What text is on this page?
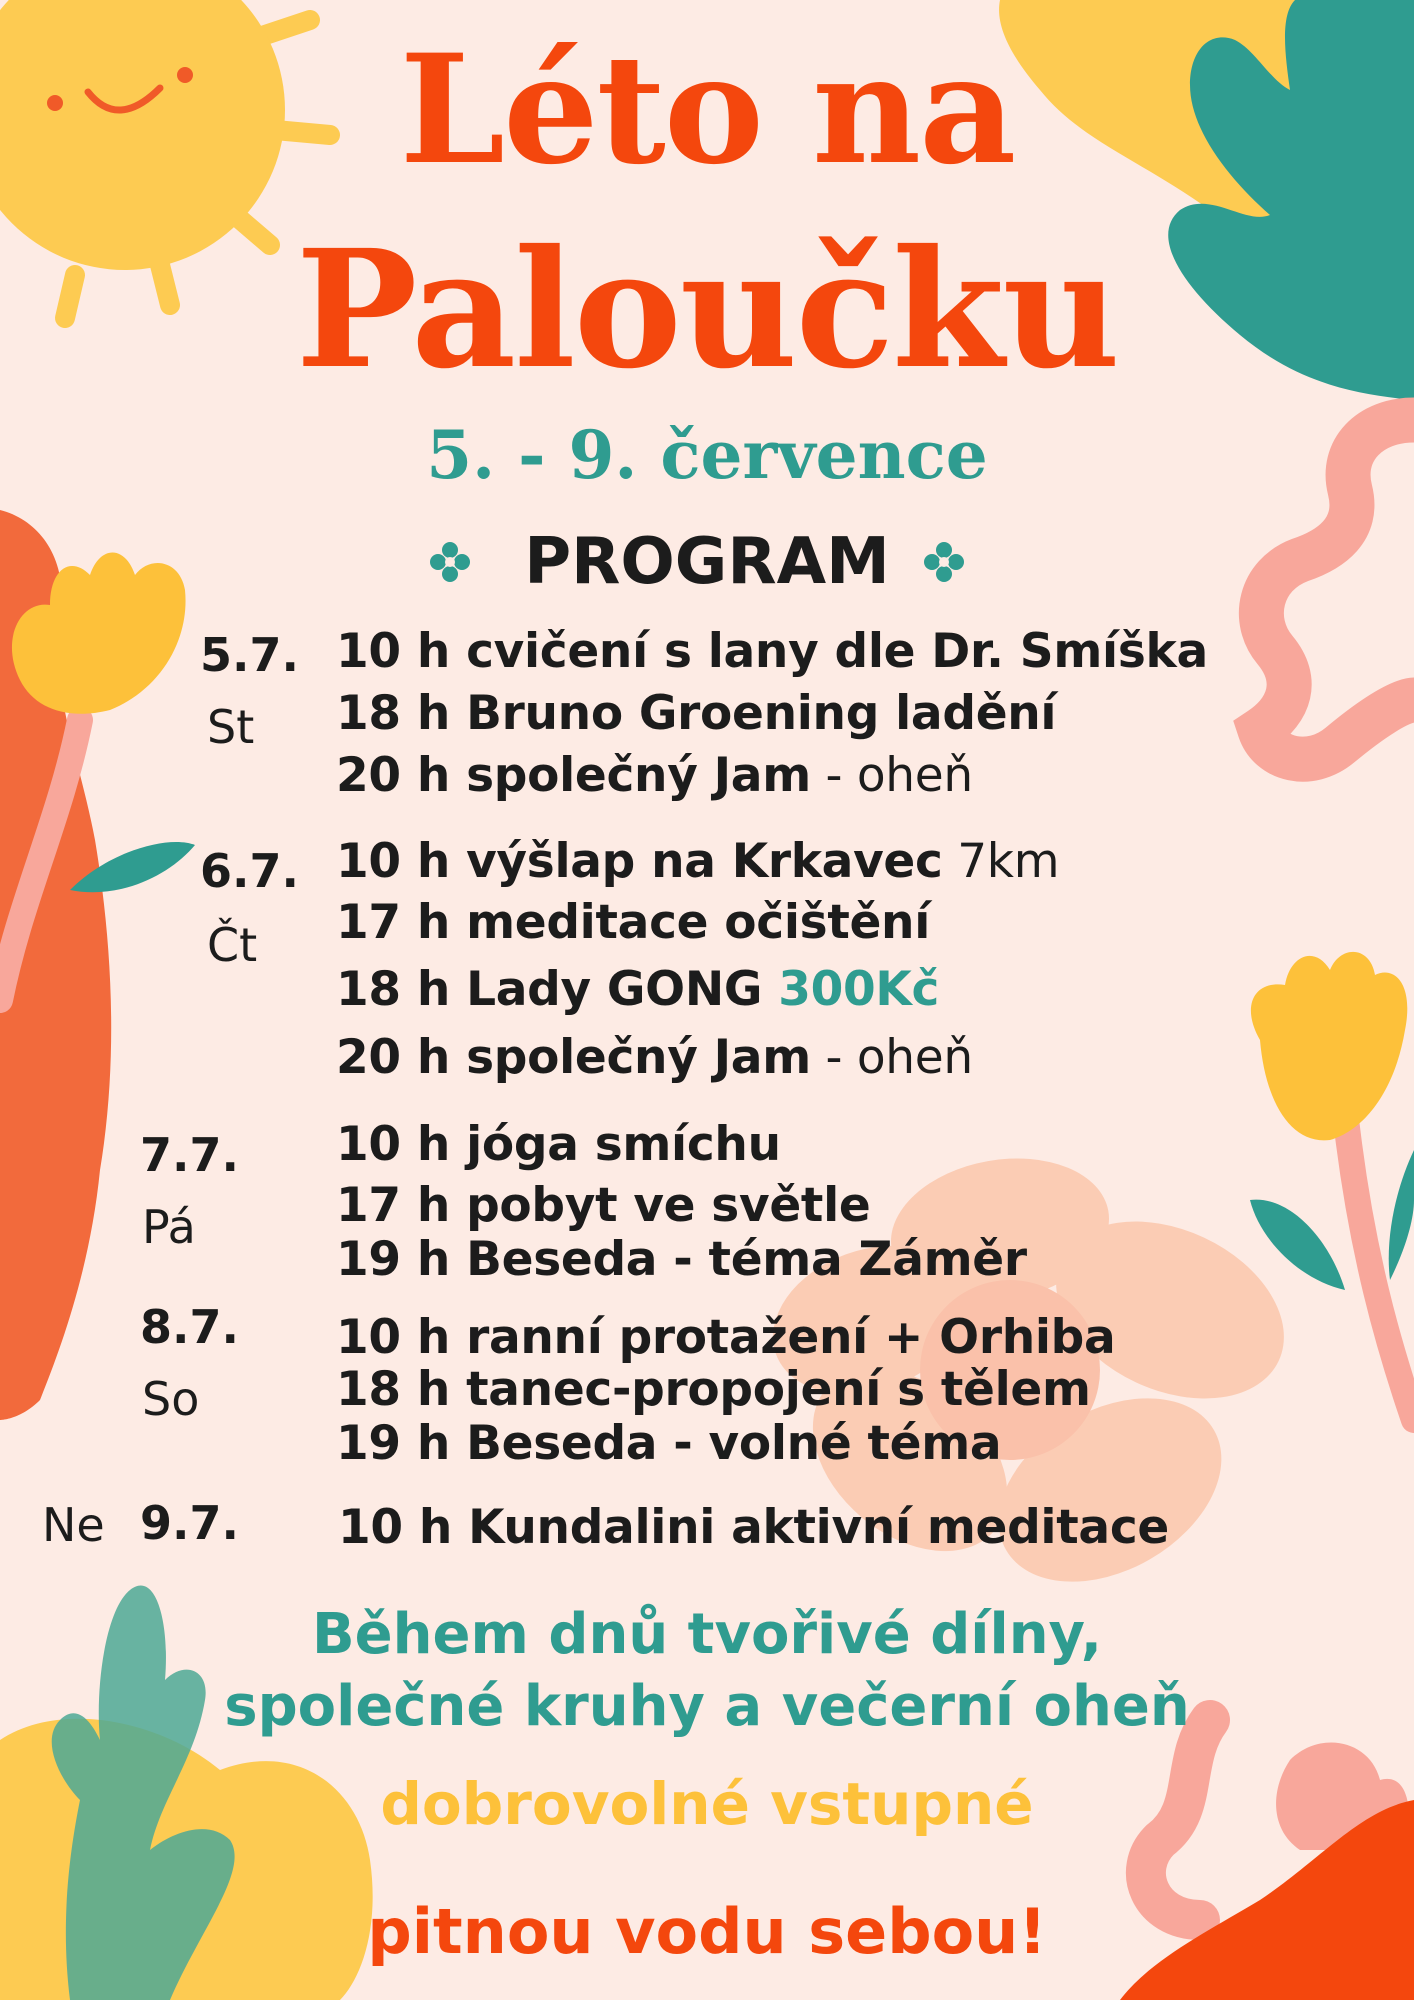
Léto na
Palоučku
5. - 9. července
PROGRAM
5.7.
St
10 h cvičení s lany dle Dr. Smíška
18 h Bruno Groening ladění
20 h společný Jam - oheň
6.7.
Čt
10 h výšlap na Krkavec 7km
17 h meditace očištění
18 h Lady GONG 300Kč
20 h společný Jam - oheň
7.7.
Pá
10 h jóga smíchu
17 h pobyt ve světle
19 h Beseda - téma Záměr
8.7.
So
10 h ranní protažení + Orhiba
18 h tanec-propojení s tělem
19 h Beseda - volné téma
Ne 9.7. 10 h Kundalini aktivní meditace
Během dnů tvořivé dílny,
společné kruhy a večerní oheň
dobrovolné vstupné
pitnou vodu sebou!
